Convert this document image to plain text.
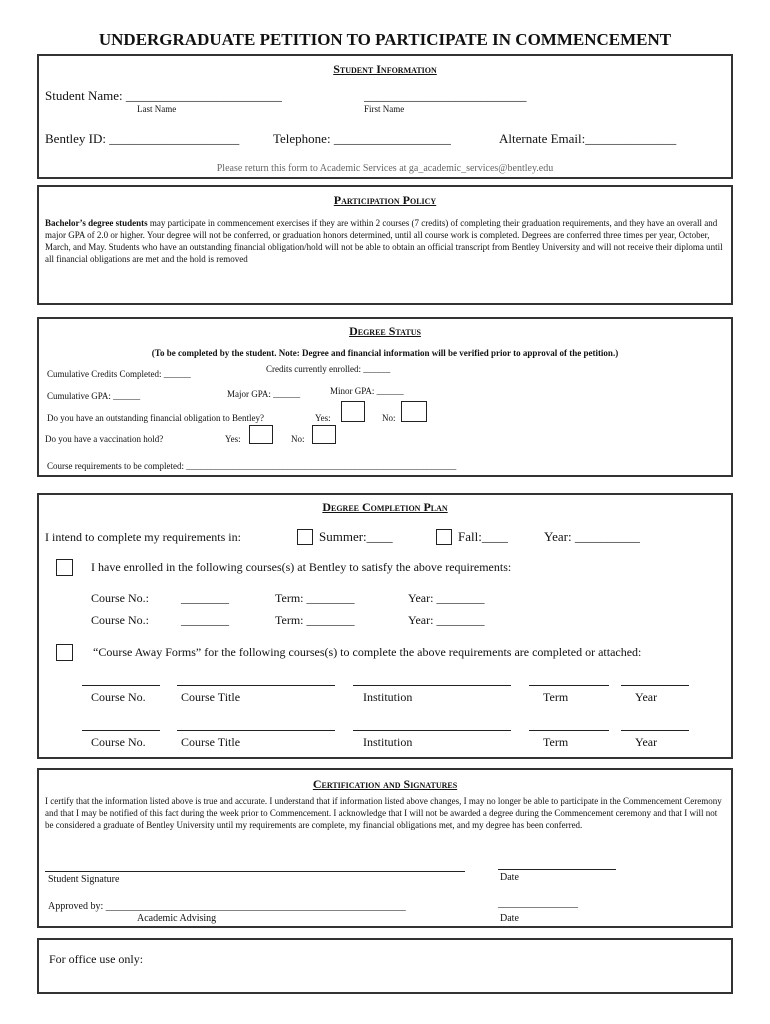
UNDERGRADUATE PETITION TO PARTICIPATE IN COMMENCEMENT
Student Information
Student Name: ________________________	_________________________
Last Name	First Name
Bentley ID: ____________________	Telephone: __________________	Alternate Email:______________
Please return this form to Academic Services at ga_academic_services@bentley.edu
Participation Policy
Bachelor’s degree students may participate in commencement exercises if they are within 2 courses (7 credits) of completing their graduation requirements, and they have an overall and major GPA of 2.0 or higher. Your degree will not be conferred, or graduation honors determined, until all course work is completed. Degrees are conferred three times per year, October, March, and May. Students who have an outstanding financial obligation/hold will not be able to obtain an official transcript from Bentley University and will not receive their diploma until all financial obligations are met and the hold is removed
Degree Status
(To be completed by the student. Note: Degree and financial information will be verified prior to approval of the petition.)
Credits currently enrolled: ______
Cumulative Credits Completed: ______
Minor GPA: ______
Cumulative GPA: ______	Major GPA: ______
Do you have an outstanding financial obligation to Bentley?	Yes:	No:
Do you have a vaccination hold?	Yes:	No:
Course requirements to be completed: ____________________________________________________________
Degree Completion Plan
I intend to complete my requirements in:	Summer:____	Fall:____	Year: __________
I have enrolled in the following courses(s) at Bentley to satisfy the above requirements:
Course No.:	________	Term: ________	Year: ________
Course No.:	________	Term: ________	Year: ________
“Course Away Forms” for the following courses(s) to complete the above requirements are completed or attached:
Course No.	Course Title	Institution	Term	Year
Course No.	Course Title	Institution	Term	Year
Certification and Signatures
I certify that the information listed above is true and accurate. I understand that if information listed above changes, I may no longer be able to participate in the Commencement Ceremony and that I may be notified of this fact during the week prior to Commencement. I acknowledge that I will not be awarded a degree during the Commencement ceremony and that I will not be considered a graduate of Bentley University until my requirements are complete, my financial obligations met, and my degree has been conferred.
Student Signature	Date
Approved by: ____________________________________________________________
Academic Advising
________________
Date
For office use only:
